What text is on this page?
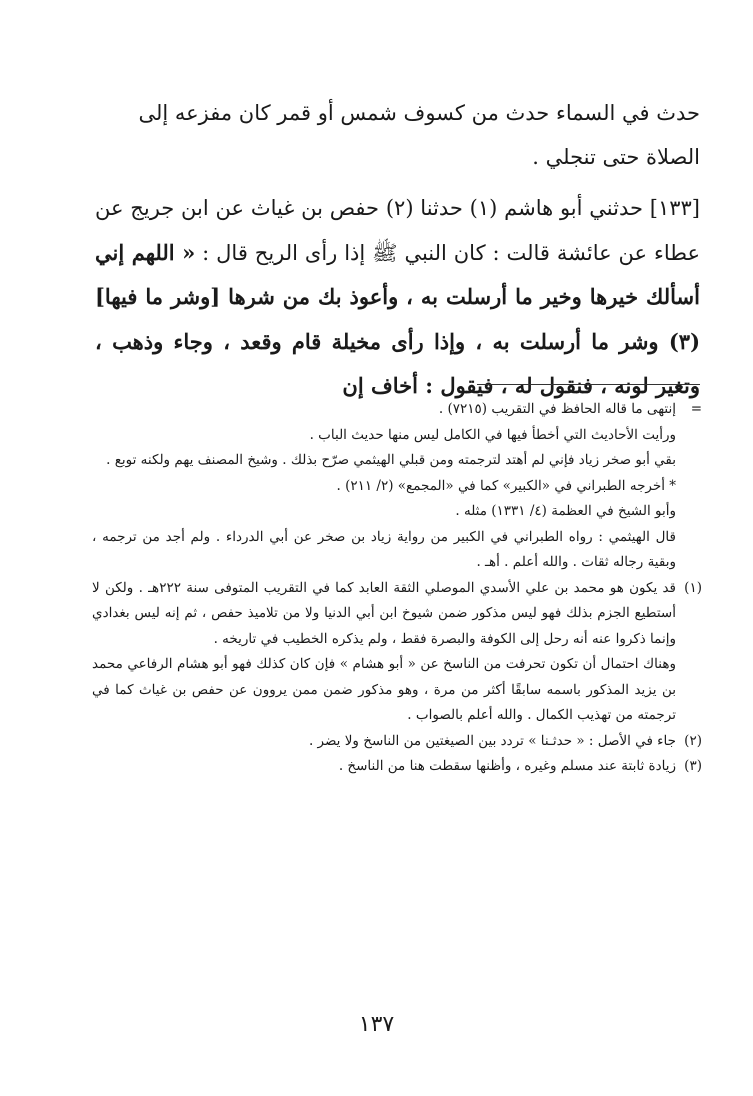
حدث في السماء حدث من كسوف شمس أو قمر كان مفزعه إلى

الصلاة حتى تنجلي .

[١٣٣] حدثني أبو هاشم (١) حدثنا (٢) حفص بن غياث عن ابن جريج عن عطاء عن عائشة قالت : كان النبي ﷺ إذا رأى الريح قال : « اللهم إني أسألك خيرها وخير ما أرسلت به ، وأعوذ بك من شرها [وشر ما فيها] (٣) وشر ما أرسلت به ، وإذا رأى مخيلة قام وقعد ، وجاء وذهب ، وتغير لونه ، فنقول له ، فيقول : أخاف إن

=
إنتهى ما قاله الحافظ في التقريب (٧٢١٥) .
ورأيت الأحاديث التي أخطأ فيها في الكامل ليس منها حديث الباب .
بقي أبو صخر زياد فإني لم أهتد لترجمته ومن قبلي الهيثمي صرّح بذلك . وشيخ المصنف يهم ولكنه توبع .
* أخرجه الطبراني في «الكبير» كما في «المجمع» (٢/ ٢١١) .
وأبو الشيخ في العظمة (٤/ ١٣٣١) مثله .
قال الهيثمي : رواه الطبراني في الكبير من رواية زياد بن صخر عن أبي الدرداء . ولم أجد من ترجمه ، وبقية رجاله ثقات . والله أعلم . أهـ .
(١)
قد يكون هو محمد بن علي الأسدي الموصلي الثقة العابد كما في التقريب المتوفى سنة ٢٢٢هـ . ولكن لا أستطيع الجزم بذلك فهو ليس مذكور ضمن شيوخ ابن أبي الدنيا ولا من تلاميذ حفص ، ثم إنه ليس بغدادي وإنما ذكروا عنه أنه رحل إلى الكوفة والبصرة فقط ، ولم يذكره الخطيب في تاريخه .
وهناك احتمال أن تكون تحرفت من الناسخ عن « أبو هشام » فإن كان كذلك فهو أبو هشام الرفاعي محمد بن يزيد المذكور باسمه سابقًا أكثر من مرة ، وهو مذكور ضمن ممن يروون عن حفص بن غياث كما في ترجمته من تهذيب الكمال . والله أعلم بالصواب .
(٢)
جاء في الأصل : « حدثـنا » تردد بين الصيغتين من الناسخ ولا يضر .
(٣)
زيادة ثابتة عند مسلم وغيره ، وأظنها سقطت هنا من الناسخ .
١٣٧
